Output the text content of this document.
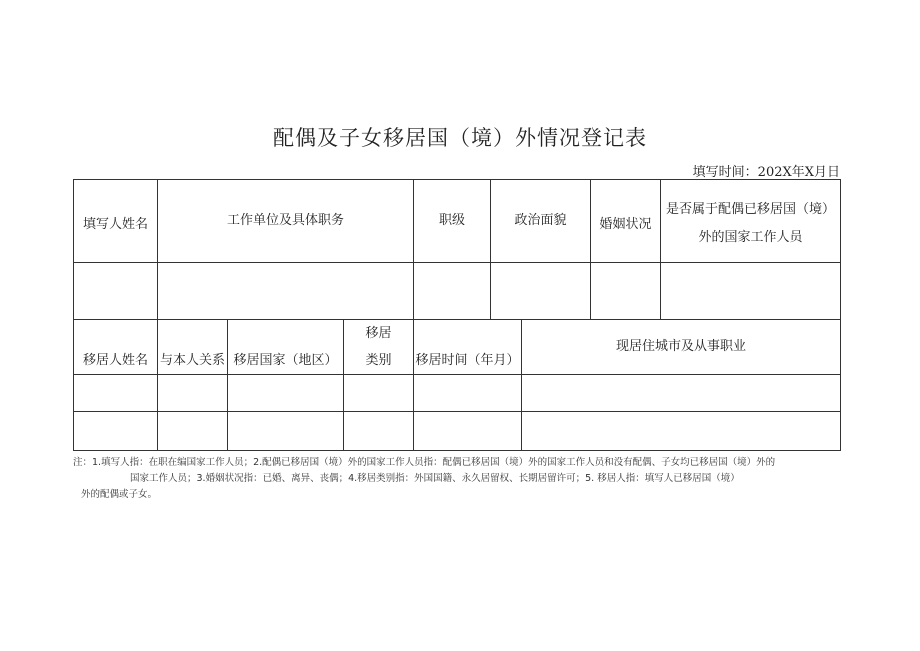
配偶及子女移居国（境）外情况登记表
填写时间：202X年X月日
填写人姓名	工作单位及具体职务	职级	政治面貌	婚姻状况	是否属于配偶已移居国（境）
外的国家工作人员

移居人姓名	与本人关系	移居国家（地区）	移居
类别	移居时间（年月）	现居住城市及从事职业

注：1.填写人指：在职在编国家工作人员；2.配偶已移居国（境）外的国家工作人员指：配偶已移居国（境）外的国家工作人员和没有配偶、子女均已移居国（境）外的
国家工作人员；3.婚姻状况指：已婚、离异、丧偶；4.移居类别指：外国国籍、永久居留权、长期居留许可；5. 移居人指：填写人已移居国（境）
外的配偶或子女。
